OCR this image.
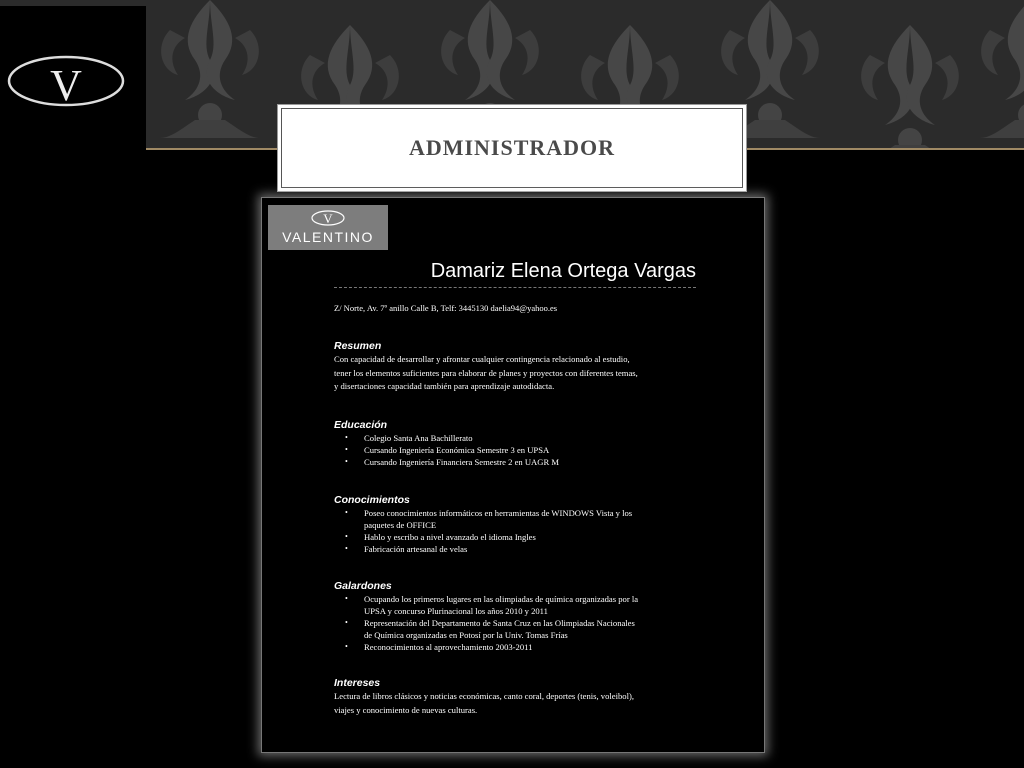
V
ADMINISTRADOR
V
VALENTINO
Damariz Elena Ortega Vargas
Z/ Norte, Av. 7º anillo Calle B, Telf: 3445130 daelia94@yahoo.es
Resumen

Con capacidad de desarrollar y afrontar cualquier contingencia relacionado al estudio,

tener los elementos suficientes para elaborar de planes y proyectos con diferentes temas,

y disertaciones capacidad también para aprendizaje autodidacta.

Educación
• Colegio Santa Ana Bachillerato
• Cursando Ingeniería Económica Semestre 3 en UPSA
• Cursando Ingeniería Financiera Semestre 2 en UAGR M
Conocimientos
• Poseo conocimientos informáticos en herramientas de WINDOWS Vista y los
paquetes de OFFICE
• Hablo y escribo a nivel avanzado el idioma Ingles
• Fabricación artesanal de velas
Galardones
• Ocupando los primeros lugares en las olimpiadas de química organizadas por la
UPSA y concurso Plurinacional los años 2010 y 2011
• Representación del Departamento de Santa Cruz en las Olimpiadas Nacionales
de Química organizadas en Potosí por la Univ. Tomas Frías
• Reconocimientos al aprovechamiento 2003-2011
Intereses

Lectura de libros clásicos y noticias económicas, canto coral, deportes (tenis, voleibol),

viajes y conocimiento de nuevas culturas.
